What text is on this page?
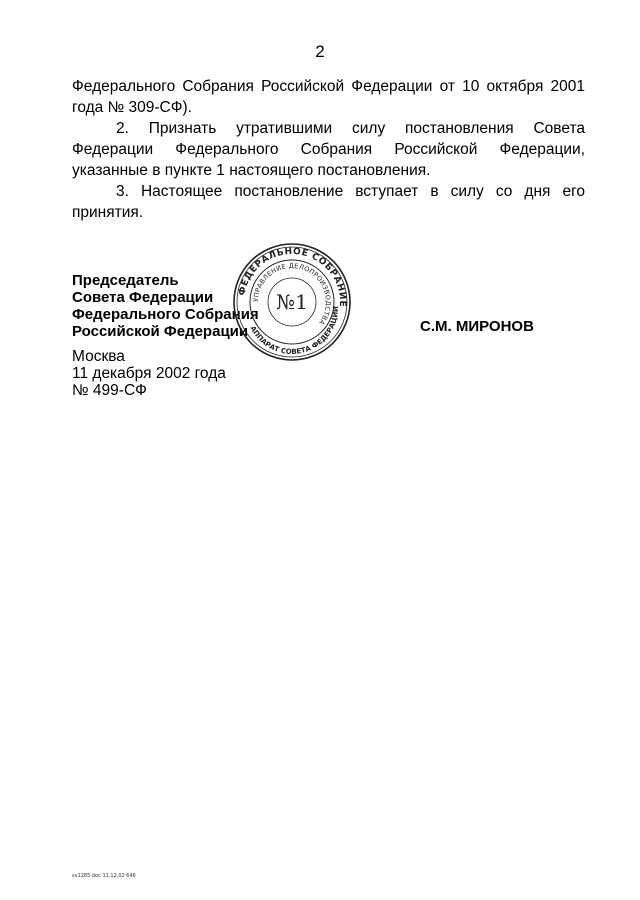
2

Федерального Собрания Российской Федерации от 10 октября 2001 года № 309-СФ).

2. Признать утратившими силу постановления Совета Федерации Федерального Собрания Российской Федерации, указанные в пункте 1 настоящего постановления.

3. Настоящее постановление вступает в силу со дня его принятия.

Председатель
Совета Федерации
Федерального Собрания
Российской Федерации
ФЕДЕРАЛЬНОЕ СОБРАНИЕ
УПРАВЛЕНИЕ ДЕЛОПРОИЗВОДСТВА
АППАРАТ СОВЕТА ФЕДЕРАЦИИ
№1
С.М. МИРОНОВ
Москва
11 декабря 2002 года
№ 499-СФ
sv1285.doc 11.12.02 646
